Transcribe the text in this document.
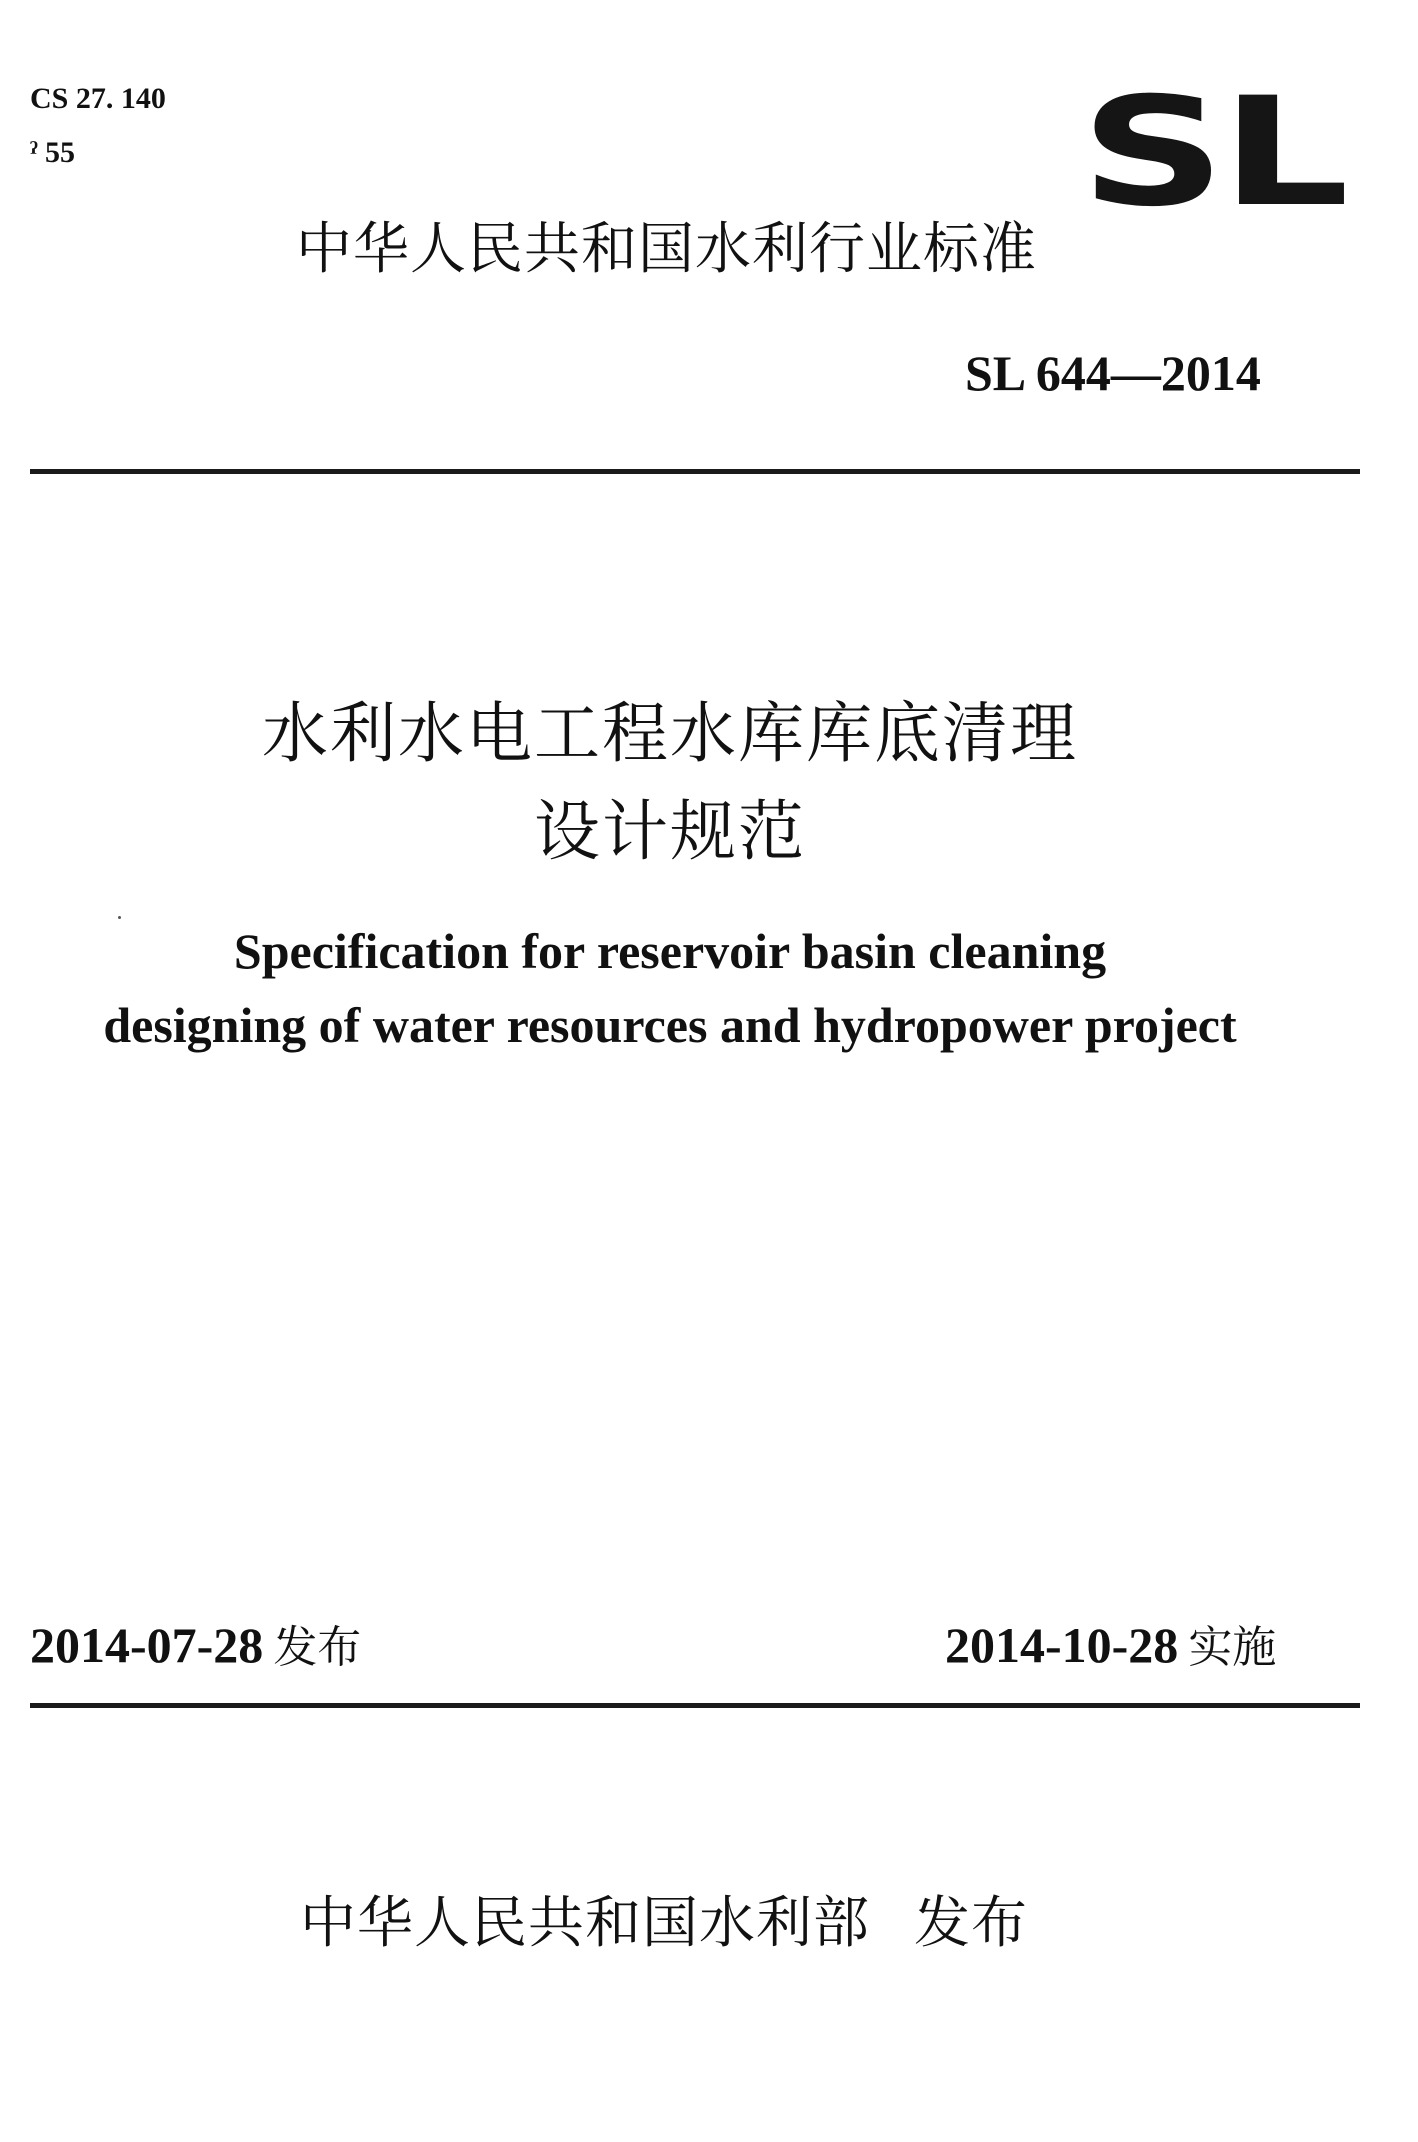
CS 27. 140
ˀ 55	SL
中华人民共和国水利行业标准
SL 644—2014
水利水电工程水库库底清理
设计规范
Specification for reservoir basin cleaning
designing of water resources and hydropower project
2014-07-28 发布	2014-10-28 实施
中华人民共和国水利部 发布
